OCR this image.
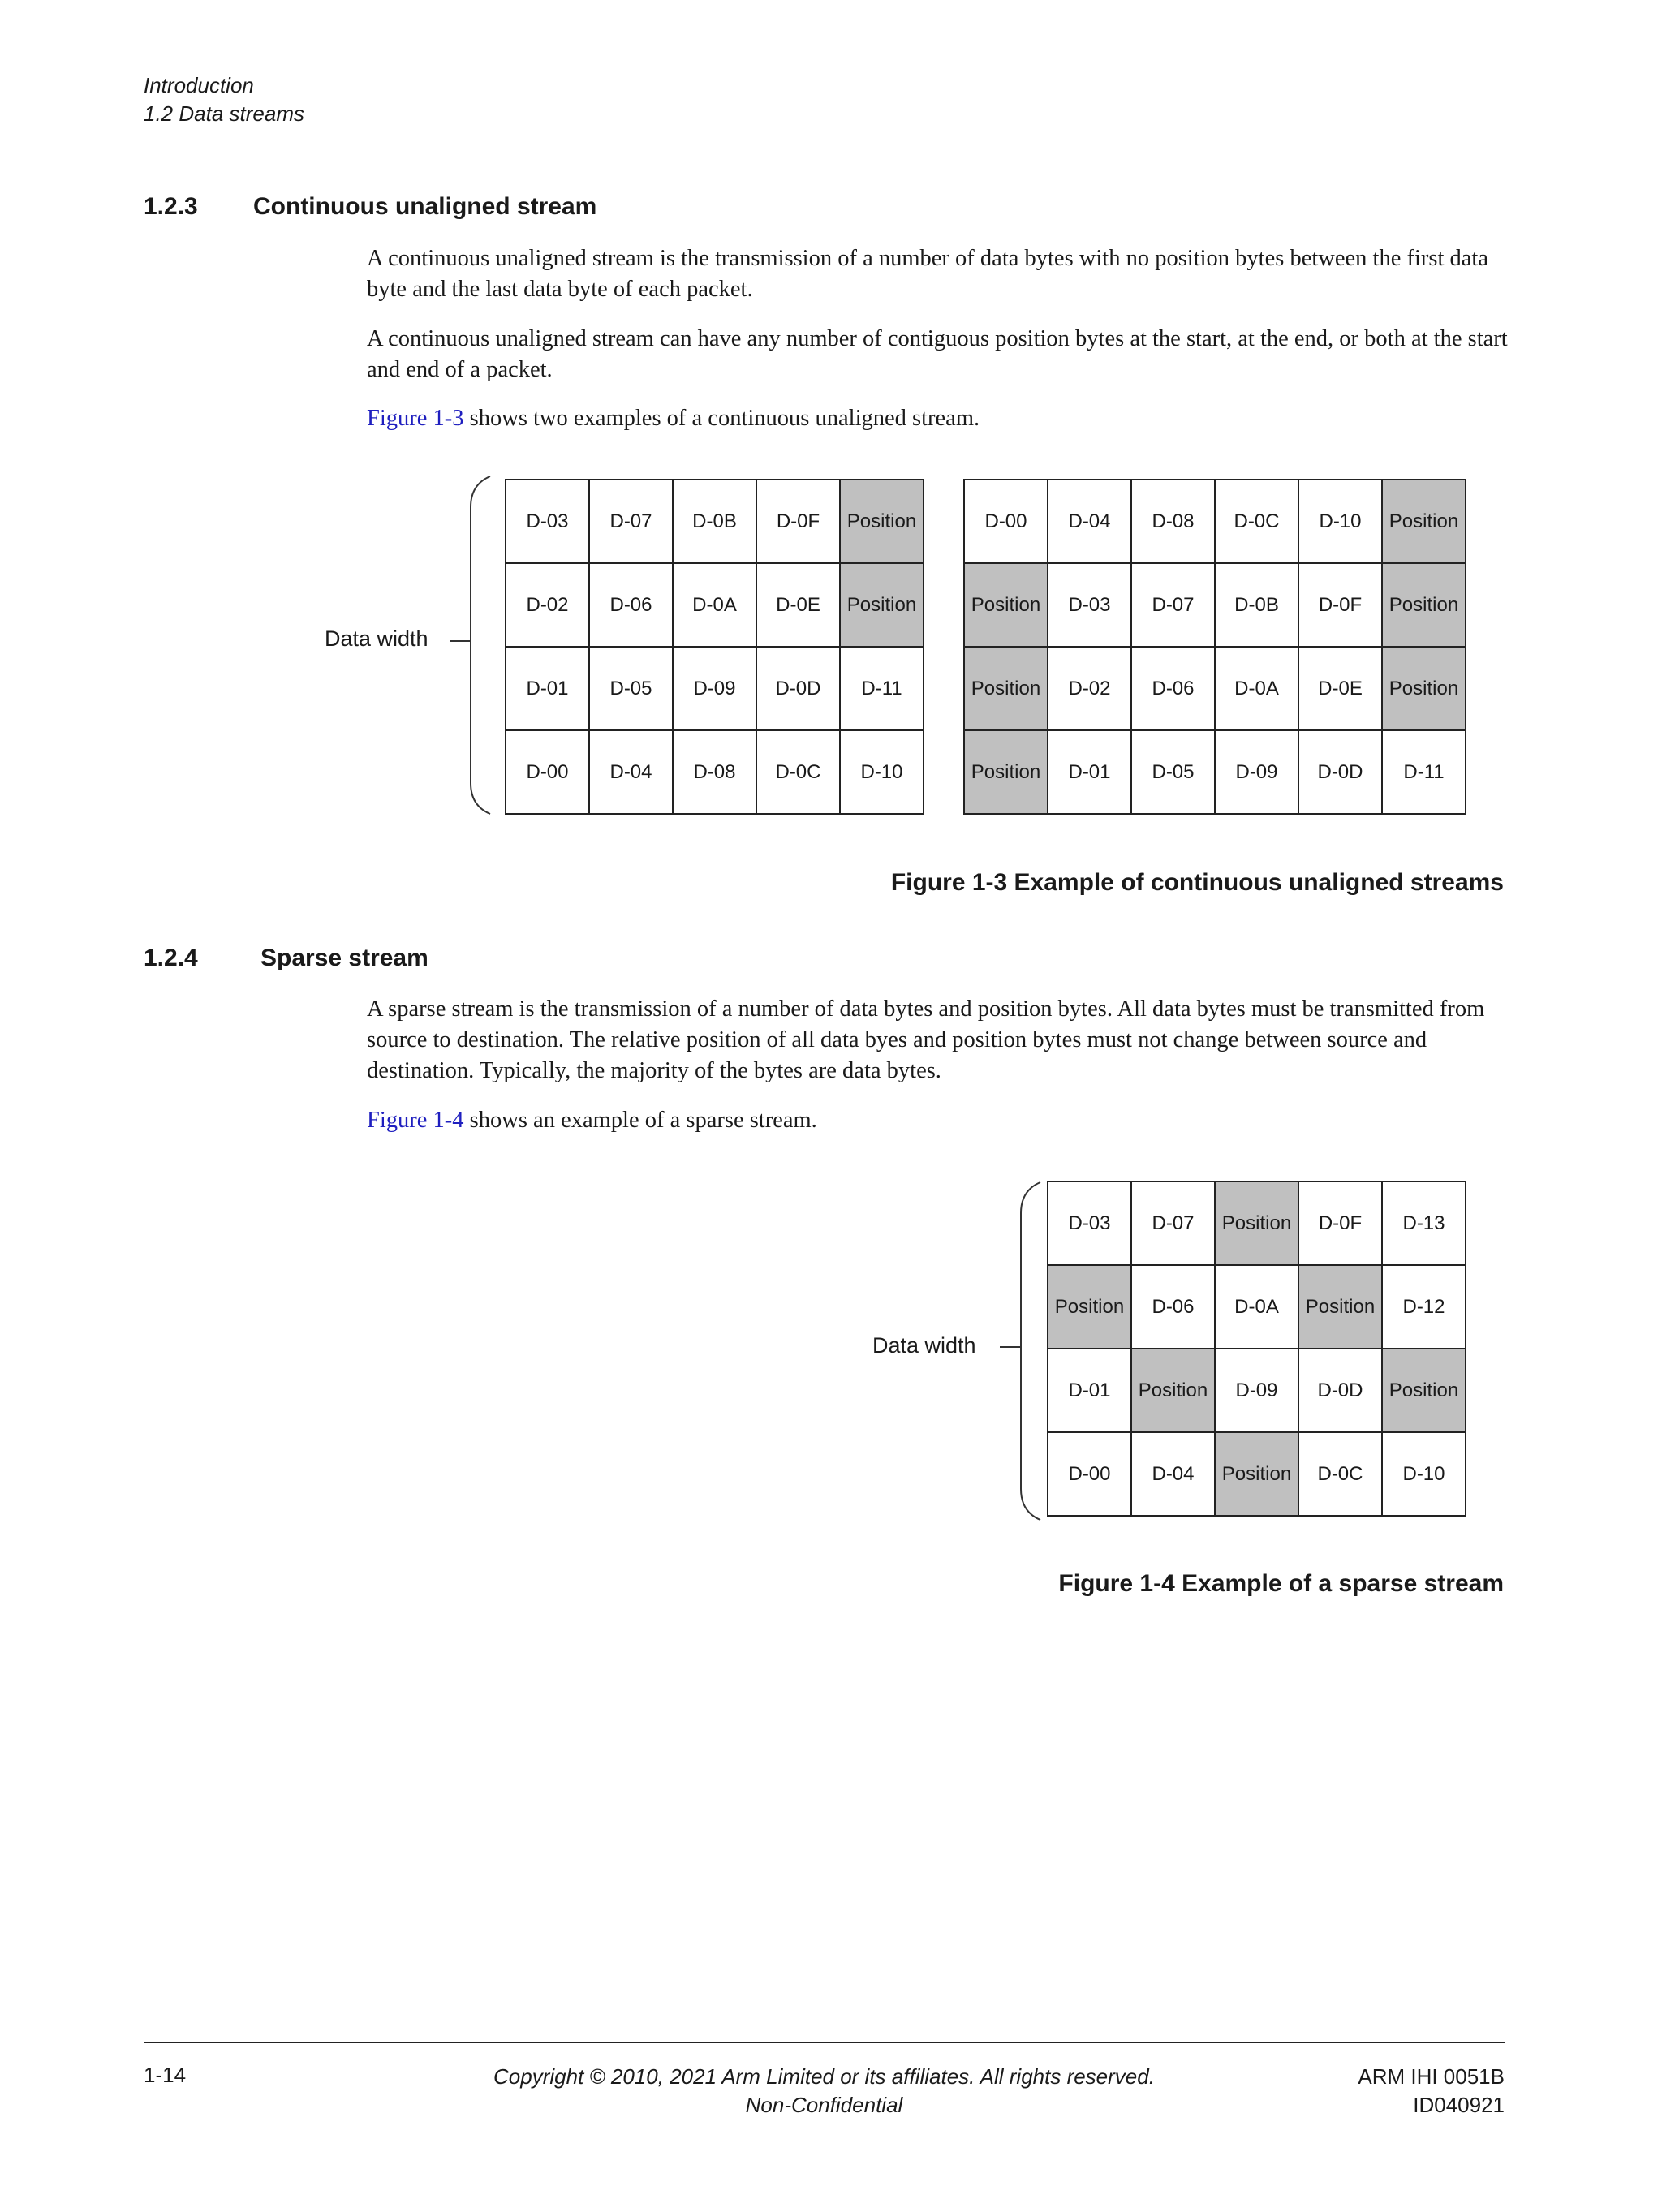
Introduction
1.2 Data streams
1.2.3 Continuous unaligned stream
A continuous unaligned stream is the transmission of a number of data bytes with no position bytes between the first data byte and the last data byte of each packet.
A continuous unaligned stream can have any number of contiguous position bytes at the start, at the end, or both at the start and end of a packet.
Figure 1-3 shows two examples of a continuous unaligned stream.
Data width
D-03	D-07	D-0B	D-0F	Position
D-02	D-06	D-0A	D-0E	Position
D-01	D-05	D-09	D-0D	D-11
D-00	D-04	D-08	D-0C	D-10
D-00	D-04	D-08	D-0C	D-10	Position
Position	D-03	D-07	D-0B	D-0F	Position
Position	D-02	D-06	D-0A	D-0E	Position
Position	D-01	D-05	D-09	D-0D	D-11
Figure 1-3 Example of continuous unaligned streams
1.2.4	Sparse stream
A sparse stream is the transmission of a number of data bytes and position bytes. All data bytes must be transmitted from source to destination. The relative position of all data byes and position bytes must not change between source and destination. Typically, the majority of the bytes are data bytes.
Figure 1-4 shows an example of a sparse stream.
Data width
D-03	D-07	Position	D-0F	D-13
Position	D-06	D-0A	Position	D-12
D-01	Position	D-09	D-0D	Position
D-00	D-04	Position	D-0C	D-10
Figure 1-4 Example of a sparse stream
1-14	Copyright © 2010, 2021 Arm Limited or its affiliates. All rights reserved.
Non-Confidential
ARM IHI 0051B
ID040921
